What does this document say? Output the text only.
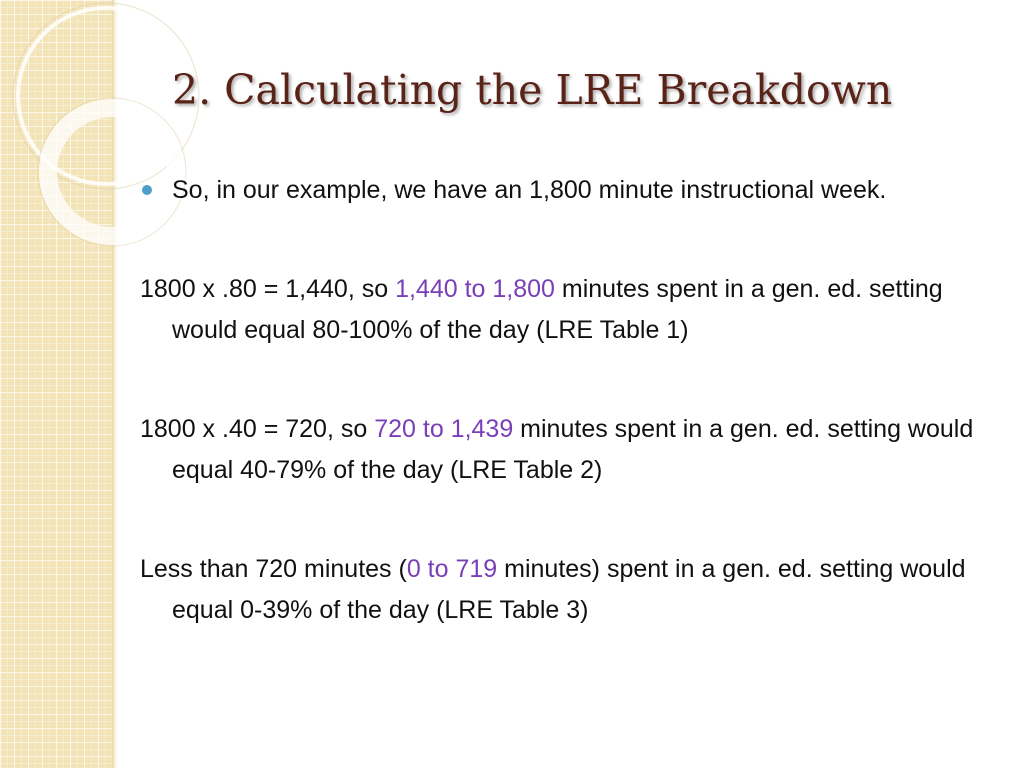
2. Calculating the LRE Breakdown
So, in our example, we have an 1,800 minute instructional week.

1800 x .80 = 1,440, so 1,440 to 1,800 minutes spent in a gen. ed. setting would equal 80-100% of the day (LRE Table 1)

1800 x .40 = 720, so 720 to 1,439 minutes spent in a gen. ed. setting would equal 40-79% of the day (LRE Table 2)

Less than 720 minutes (0 to 719 minutes) spent in a gen. ed. setting would equal 0-39% of the day (LRE Table 3)
